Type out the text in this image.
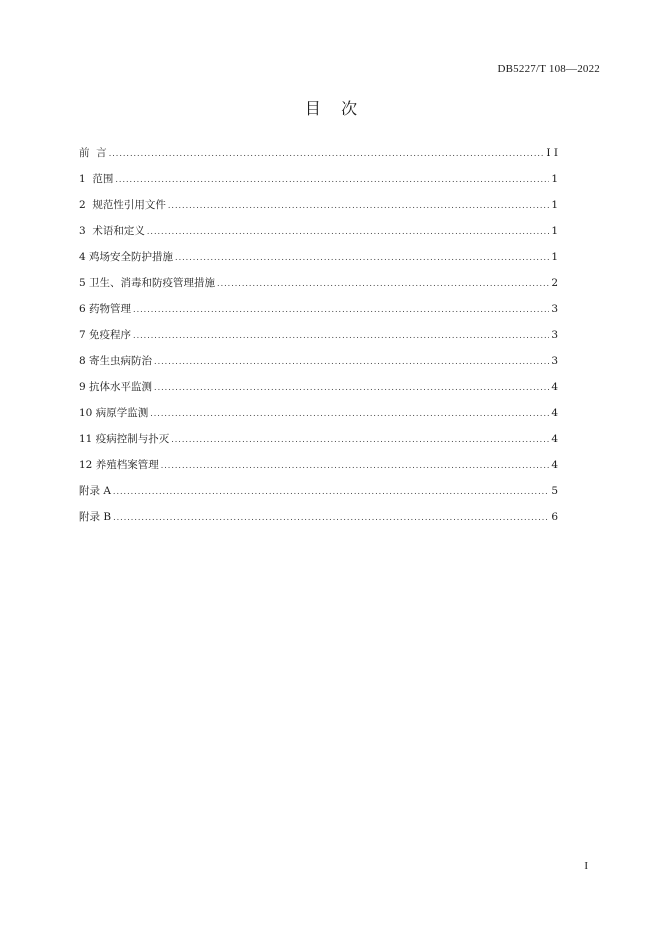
DB5227/T 108—2022
目    次
前  言 .....	I I
1  范围 .....	1
2  规范性引用文件 .....	1
3  术语和定义 .....	1
4 鸡场安全防护措施 .....	1
5 卫生、消毒和防疫管理措施 .....	2
6 药物管理 .....	3
7 免疫程序 .....	3
8 寄生虫病防治 .....	3
9 抗体水平监测 .....	4
10 病原学监测 .....	4
11 疫病控制与扑灭 .....	4
12 养殖档案管理 .....	4
附录 A .....	5
附录 B .....	6
I
